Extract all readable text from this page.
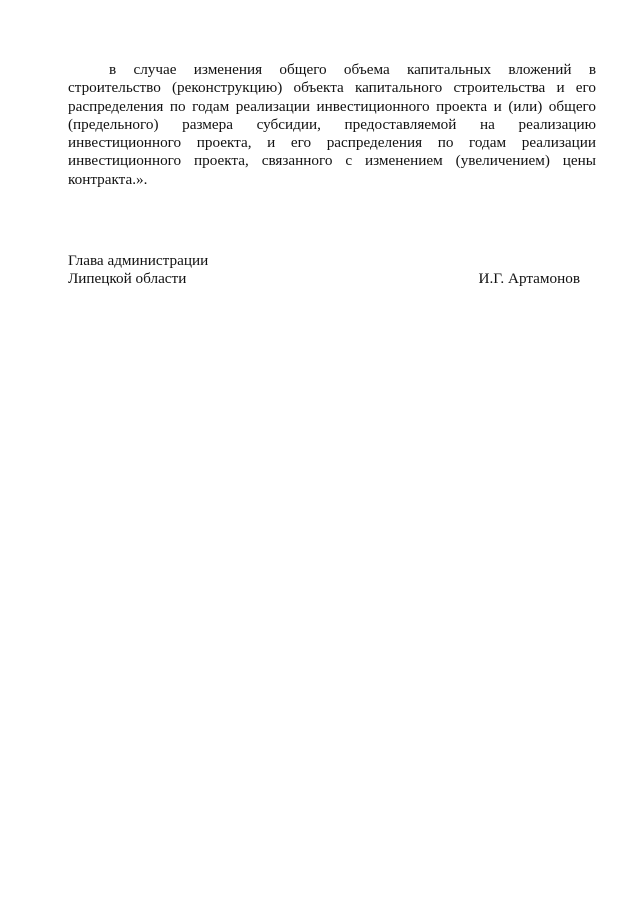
в случае изменения общего объема капитальных вложений в строительство (реконструкцию) объекта капитального строительства и его распределения по годам реализации инвестиционного проекта и (или) общего (предельного) размера субсидии, предоставляемой на реализацию инвестиционного проекта, и его распределения по годам реализации инвестиционного проекта, связанного с изменением (увеличением) цены контракта.».

Глава администрации
Липецкой области	И.Г. Артамонов
